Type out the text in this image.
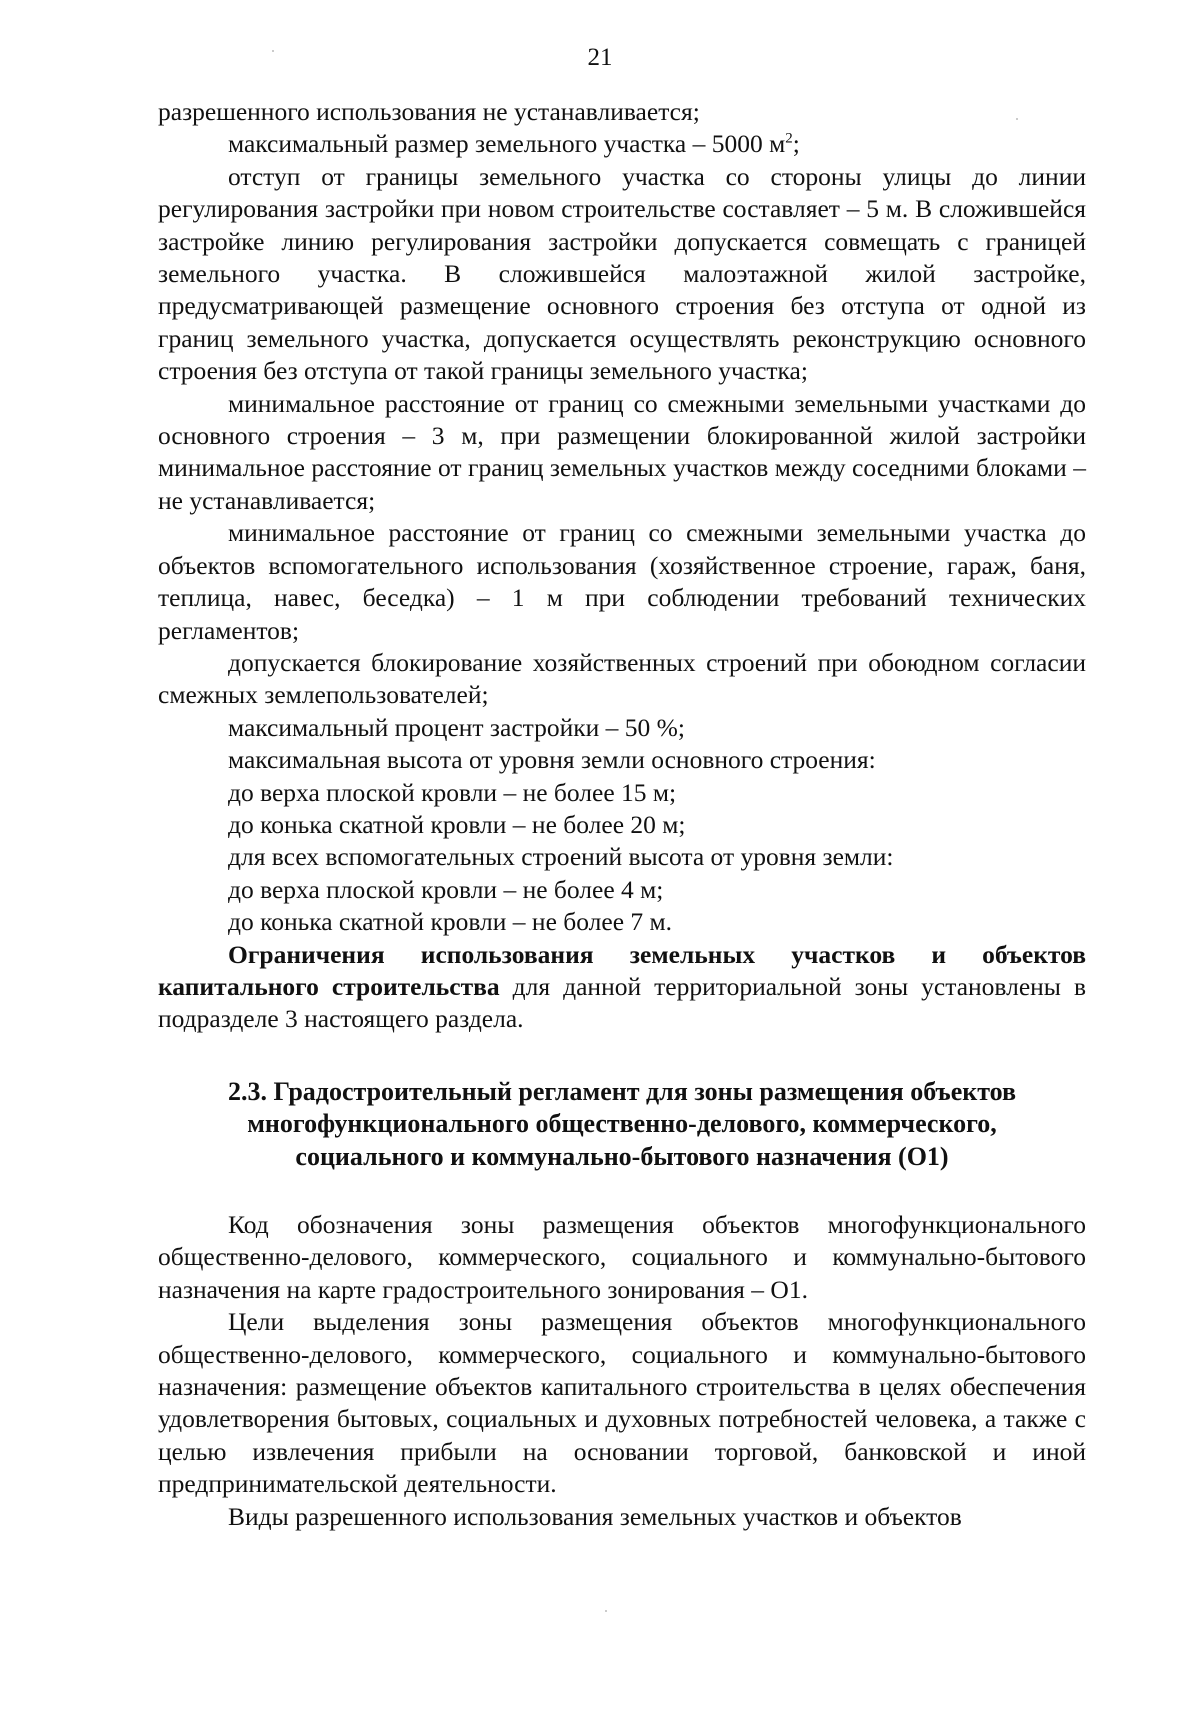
21

разрешенного использования не устанавливается;

максимальный размер земельного участка – 5000 $м^2$;

отступ от границы земельного участка со стороны улицы до линии регулирования застройки при новом строительстве составляет – 5 м. В сложившейся застройке линию регулирования застройки допускается совмещать с границей земельного участка. В сложившейся малоэтажной жилой застройке, предусматривающей размещение основного строения без отступа от одной из границ земельного участка, допускается осуществлять реконструкцию основного строения без отступа от такой границы земельного участка;

минимальное расстояние от границ со смежными земельными участками до основного строения – 3 м, при размещении блокированной жилой застройки минимальное расстояние от границ земельных участков между соседними блоками – не устанавливается;

минимальное расстояние от границ со смежными земельными участка до объектов вспомогательного использования (хозяйственное строение, гараж, баня, теплица, навес, беседка) – 1 м при соблюдении требований технических регламентов;

допускается блокирование хозяйственных строений при обоюдном согласии смежных землепользователей;

максимальный процент застройки – 50 %;

максимальная высота от уровня земли основного строения:

до верха плоской кровли – не более 15 м;

до конька скатной кровли – не более 20 м;

для всех вспомогательных строений высота от уровня земли:

до верха плоской кровли – не более 4 м;

до конька скатной кровли – не более 7 м.

Ограничения использования земельных участков и объектов капитального строительства для данной территориальной зоны установлены в подразделе 3 настоящего раздела.

2.3. Градостроительный регламент для зоны размещения объектов
многофункционального общественно-делового, коммерческого,
социального и коммунально-бытового назначения (О1)

Код обозначения зоны размещения объектов многофункционального общественно-делового, коммерческого, социального и коммунально-бытового назначения на карте градостроительного зонирования – О1.

Цели выделения зоны размещения объектов многофункционального общественно-делового, коммерческого, социального и коммунально-бытового назначения: размещение объектов капитального строительства в целях обеспечения удовлетворения бытовых, социальных и духовных потребностей человека, а также с целью извлечения прибыли на основании торговой, банковской и иной предпринимательской деятельности.

Виды разрешенного использования земельных участков и объектов
